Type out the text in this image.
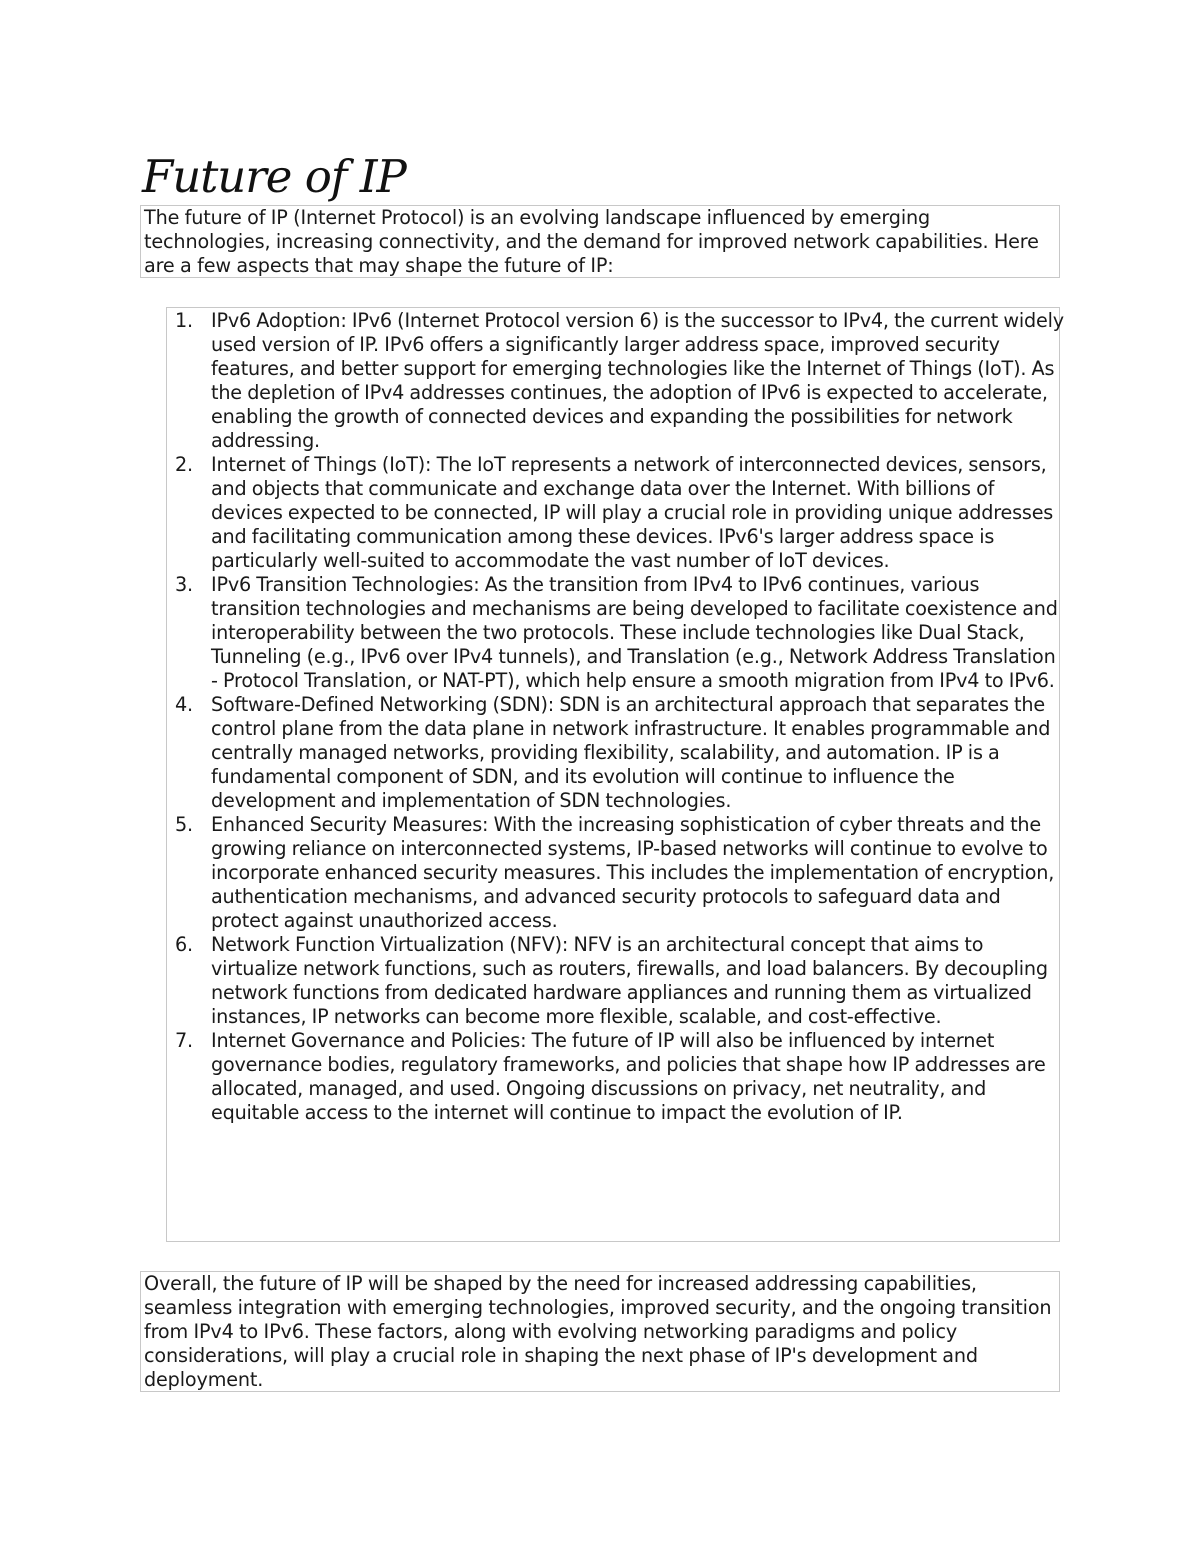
Future of IP

The future of IP (Internet Protocol) is an evolving landscape influenced by emerging technologies, increasing connectivity, and the demand for improved network capabilities. Here are a few aspects that may shape the future of IP:

1. IPv6 Adoption: IPv6 (Internet Protocol version 6) is the successor to IPv4, the current widely used version of IP. IPv6 offers a significantly larger address space, improved security features, and better support for emerging technologies like the Internet of Things (IoT). As the depletion of IPv4 addresses continues, the adoption of IPv6 is expected to accelerate, enabling the growth of connected devices and expanding the possibilities for network addressing.
2. Internet of Things (IoT): The IoT represents a network of interconnected devices, sensors, and objects that communicate and exchange data over the Internet. With billions of devices expected to be connected, IP will play a crucial role in providing unique addresses and facilitating communication among these devices. IPv6's larger address space is particularly well-suited to accommodate the vast number of IoT devices.
3. IPv6 Transition Technologies: As the transition from IPv4 to IPv6 continues, various transition technologies and mechanisms are being developed to facilitate coexistence and interoperability between the two protocols. These include technologies like Dual Stack, Tunneling (e.g., IPv6 over IPv4 tunnels), and Translation (e.g., Network Address Translation - Protocol Translation, or NAT-PT), which help ensure a smooth migration from IPv4 to IPv6.
4. Software-Defined Networking (SDN): SDN is an architectural approach that separates the control plane from the data plane in network infrastructure. It enables programmable and centrally managed networks, providing flexibility, scalability, and automation. IP is a fundamental component of SDN, and its evolution will continue to influence the development and implementation of SDN technologies.
5. Enhanced Security Measures: With the increasing sophistication of cyber threats and the growing reliance on interconnected systems, IP-based networks will continue to evolve to incorporate enhanced security measures. This includes the implementation of encryption, authentication mechanisms, and advanced security protocols to safeguard data and protect against unauthorized access.
6. Network Function Virtualization (NFV): NFV is an architectural concept that aims to virtualize network functions, such as routers, firewalls, and load balancers. By decoupling network functions from dedicated hardware appliances and running them as virtualized instances, IP networks can become more flexible, scalable, and cost-effective.
7. Internet Governance and Policies: The future of IP will also be influenced by internet governance bodies, regulatory frameworks, and policies that shape how IP addresses are allocated, managed, and used. Ongoing discussions on privacy, net neutrality, and equitable access to the internet will continue to impact the evolution of IP.

Overall, the future of IP will be shaped by the need for increased addressing capabilities, seamless integration with emerging technologies, improved security, and the ongoing transition from IPv4 to IPv6. These factors, along with evolving networking paradigms and policy considerations, will play a crucial role in shaping the next phase of IP's development and deployment.
